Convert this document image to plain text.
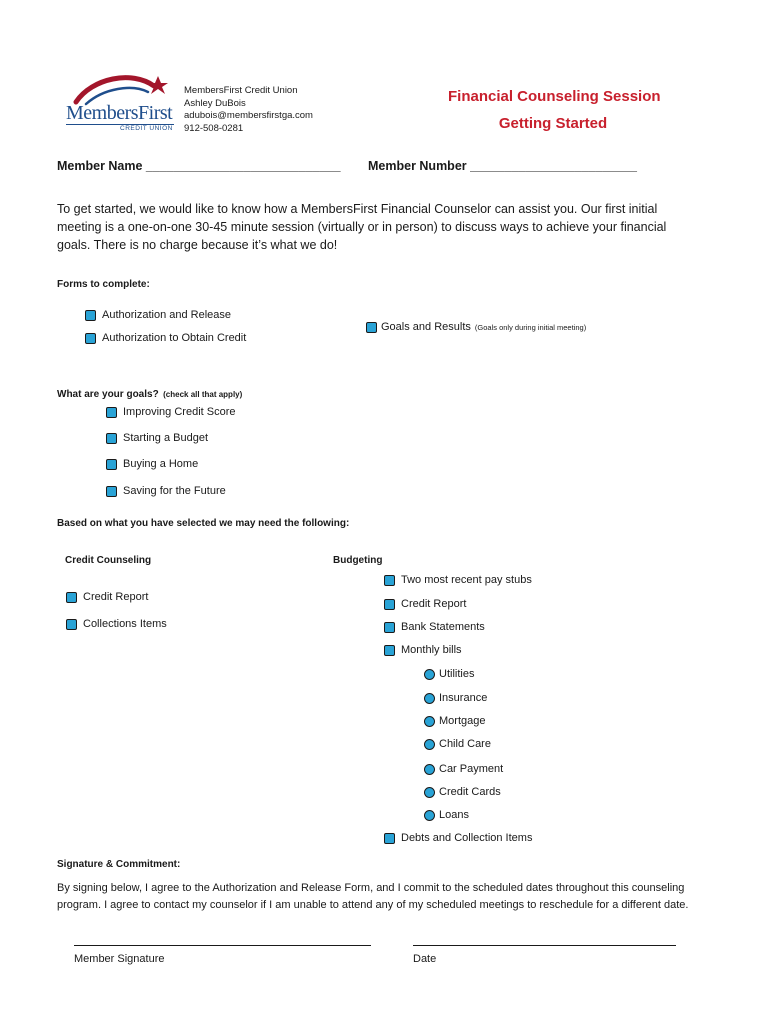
MembersFirst
CREDIT UNION
MembersFirst Credit Union
Ashley DuBois
adubois@membersfirstga.com
912-508-0281
Financial Counseling Session
Getting Started
Member Name ____________________________ Member Number ________________________
To get started, we would like to know how a MembersFirst Financial Counselor can assist you. Our first initial meeting is a one-on-one 30-45 minute session (virtually or in person) to discuss ways to achieve your financial goals. There is no charge because it’s what we do!
Forms to complete:
Authorization and Release
Authorization to Obtain Credit
Goals and Results (Goals only during initial meeting)
What are your goals? (check all that apply)
Improving Credit Score
Starting a Budget
Buying a Home
Saving for the Future
Based on what you have selected we may need the following:
Credit Counseling
Credit Report
Collections Items
Budgeting
Two most recent pay stubs
Credit Report
Bank Statements
Monthly bills
Utilities
Insurance
Mortgage
Child Care
Car Payment
Credit Cards
Loans
Debts and Collection Items
Signature & Commitment:
By signing below, I agree to the Authorization and Release Form, and I commit to the scheduled dates throughout this counseling program. I agree to contact my counselor if I am unable to attend any of my scheduled meetings to reschedule for a different date.
Member Signature	Date
